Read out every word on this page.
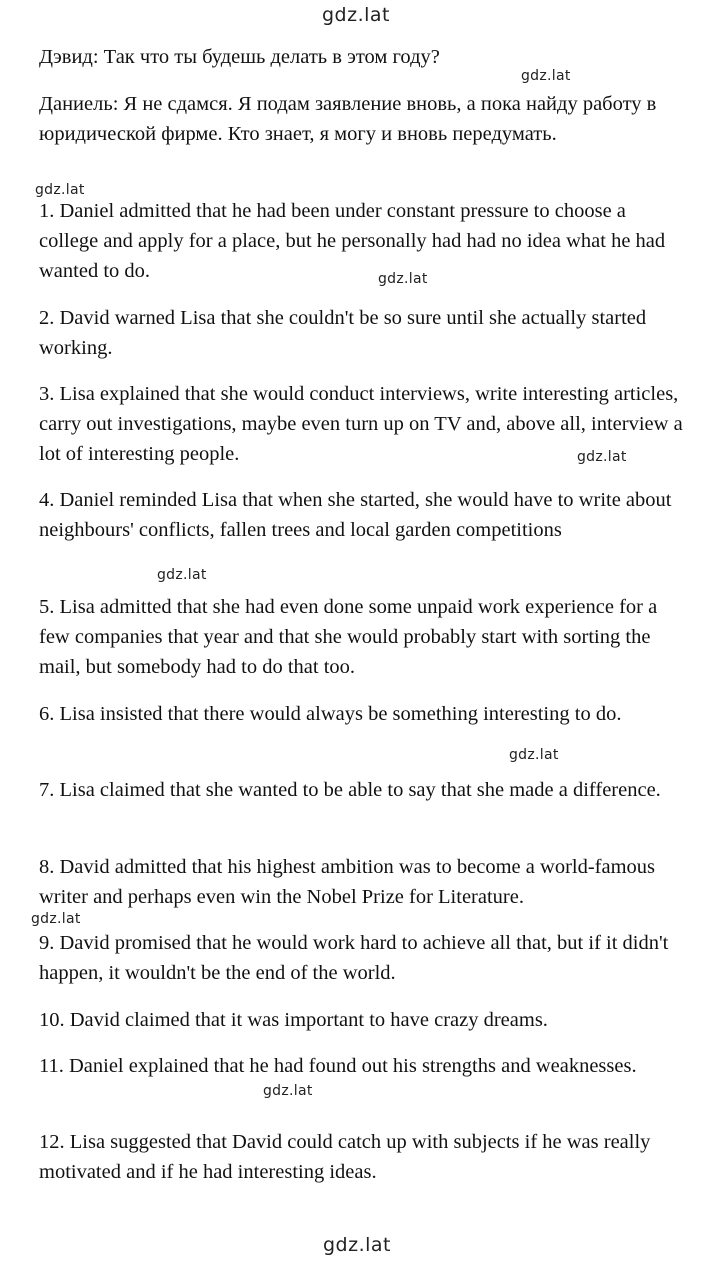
gdz.lat
gdz.lat
gdz.lat
gdz.lat
gdz.lat
gdz.lat
gdz.lat
gdz.lat
gdz.lat
gdz.lat

Дэвид: Так что ты будешь делать в этом году?

Даниель: Я не сдамся. Я подам заявление вновь, а пока найду работу в юридической фирме. Кто знает, я могу и вновь передумать.

1. Daniel admitted that he had been under constant pressure to choose a college and apply for a place, but he personally had had no idea what he had wanted to do.

2. David warned Lisa that she couldn't be so sure until she actually started working.

3. Lisa explained that she would conduct interviews, write interesting articles, carry out investigations, maybe even turn up on TV and, above all, interview a lot of interesting people.

4. Daniel reminded Lisa that when she started, she would have to write about neighbours' conflicts, fallen trees and local garden competitions

5. Lisa admitted that she had even done some unpaid work experience for a few companies that year and that she would probably start with sorting the mail, but somebody had to do that too.

6. Lisa insisted that there would always be something interesting to do.

7. Lisa claimed that she wanted to be able to say that she made a difference.

8. David admitted that his highest ambition was to become a world-famous writer and perhaps even win the Nobel Prize for Literature.

9. David promised that he would work hard to achieve all that, but if it didn't happen, it wouldn't be the end of the world.

10. David claimed that it was important to have crazy dreams.

11. Daniel explained that he had found out his strengths and weaknesses.

12. Lisa suggested that David could catch up with subjects if he was really motivated and if he had interesting ideas.
